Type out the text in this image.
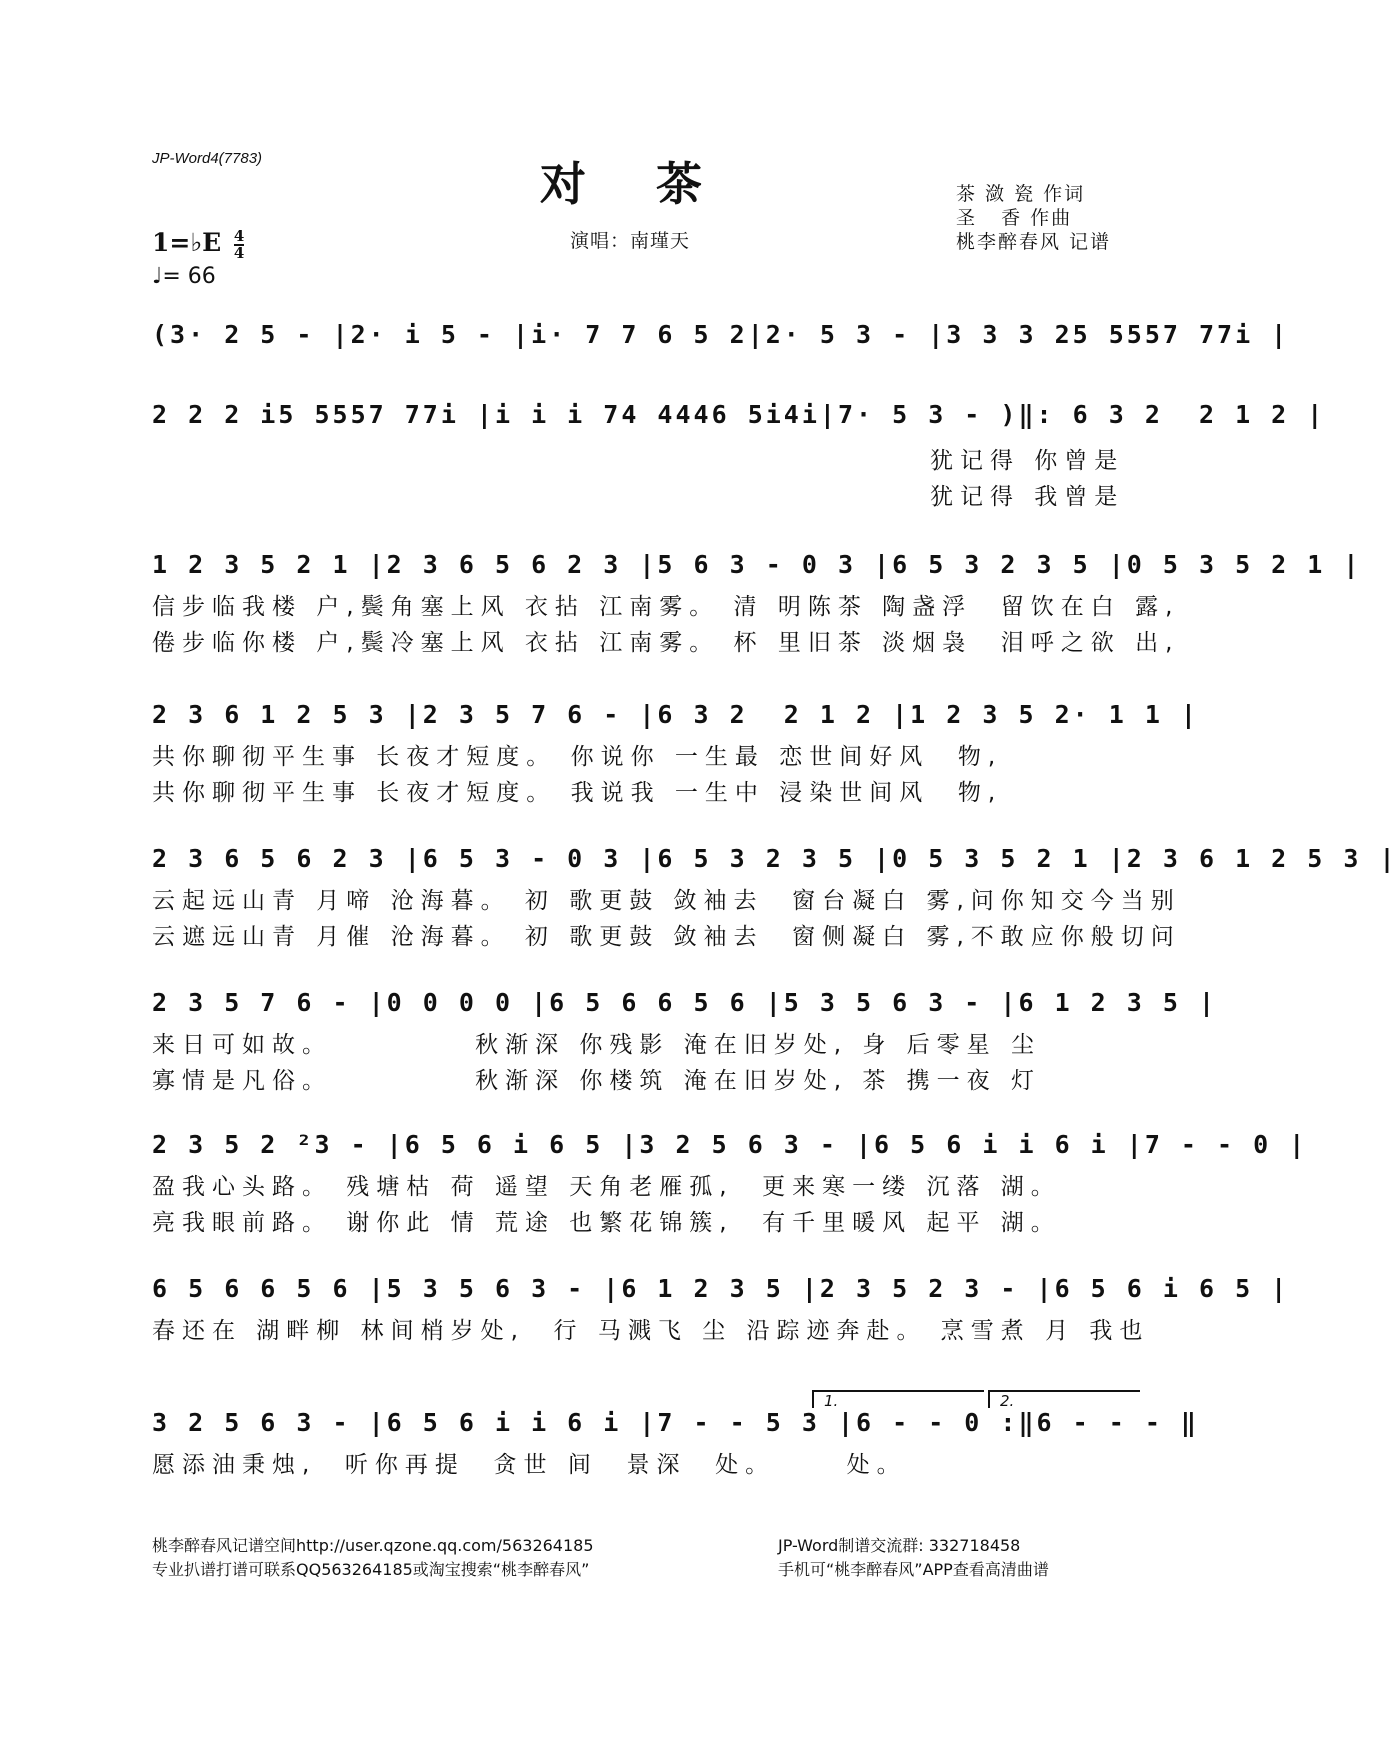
JP-Word4(7783)	对茶
演唱：南瑾天
茶 潋 瓷 作词
圣   香 作曲
桃李醉春风 记谱
1=♭E $\frac{4}{4}$
♩= 66
(3· 2 5 - |2· i 5 - |i· 7 7 6 5 2|2· 5 3 - |3 3 3 25 5557 77i |
2 2 2 i5 5557 77i |i i i 74 4446 5i4i|7· 5 3 - )‖: 6 3 2  2 1 2 |
犹记得 你曾是
犹记得 我曾是
1 2 3 5 2 1 |2 3 6 5 6 2 3 |5 6 3 - 0 3 |6 5 3 2 3 5 |0 5 3 5 2 1 |
信步临我楼 户,鬓角塞上风 衣拈 江南雾。 清 明陈茶 陶盏浮  留饮在白 露,
倦步临你楼 户,鬓冷塞上风 衣拈 江南雾。 杯 里旧茶 淡烟袅  泪呼之欲 出,
2 3 6 1 2 5 3 |2 3 5 7 6 - |6 3 2  2 1 2 |1 2 3 5 2· 1 1 |
共你聊彻平生事 长夜才短度。 你说你 一生最 恋世间好风  物,
共你聊彻平生事 长夜才短度。 我说我 一生中 浸染世间风  物,
2 3 6 5 6 2 3 |6 5 3 - 0 3 |6 5 3 2 3 5 |0 5 3 5 2 1 |2 3 6 1 2 5 3 |
云起远山青 月啼 沧海暮。 初 歌更鼓 敛袖去  窗台凝白 雾,问你知交今当别
云遮远山青 月催 沧海暮。 初 歌更鼓 敛袖去  窗侧凝白 雾,不敢应你般切问
2 3 5 7 6 - |0 0 0 0 |6 5 6 6 5 6 |5 3 5 6 3 - |6 1 2 3 5 |
来日可如故。          秋渐深 你残影 淹在旧岁处, 身 后零星 尘
寡情是凡俗。          秋渐深 你楼筑 淹在旧岁处, 茶 携一夜 灯
2 3 5 2 ²3 - |6 5 6 i 6 5 |3 2 5 6 3 - |6 5 6 i i 6 i |7 - - 0 |
盈我心头路。 残塘枯 荷 遥望 天角老雁孤,  更来寒一缕 沉落 湖。
亮我眼前路。 谢你此 情 荒途 也繁花锦簇,  有千里暖风 起平 湖。
6 5 6 6 5 6 |5 3 5 6 3 - |6 1 2 3 5 |2 3 5 2 3 - |6 5 6 i 6 5 |
春还在 湖畔柳 林间梢岁处,  行 马溅飞 尘 沿踪迹奔赴。 烹雪煮 月 我也
1.	2.
3 2 5 6 3 - |6 5 6 i i 6 i |7 - - 5 3 |6 - - 0 :‖6 - - - ‖
愿添油秉烛,  听你再提  贪世 间  景深  处。     处。
桃李醉春风记谱空间http://user.qzone.qq.com/563264185
专业扒谱打谱可联系QQ563264185或淘宝搜索“桃李醉春风”
JP-Word制谱交流群: 332718458
手机可“桃李醉春风”APP查看高清曲谱
